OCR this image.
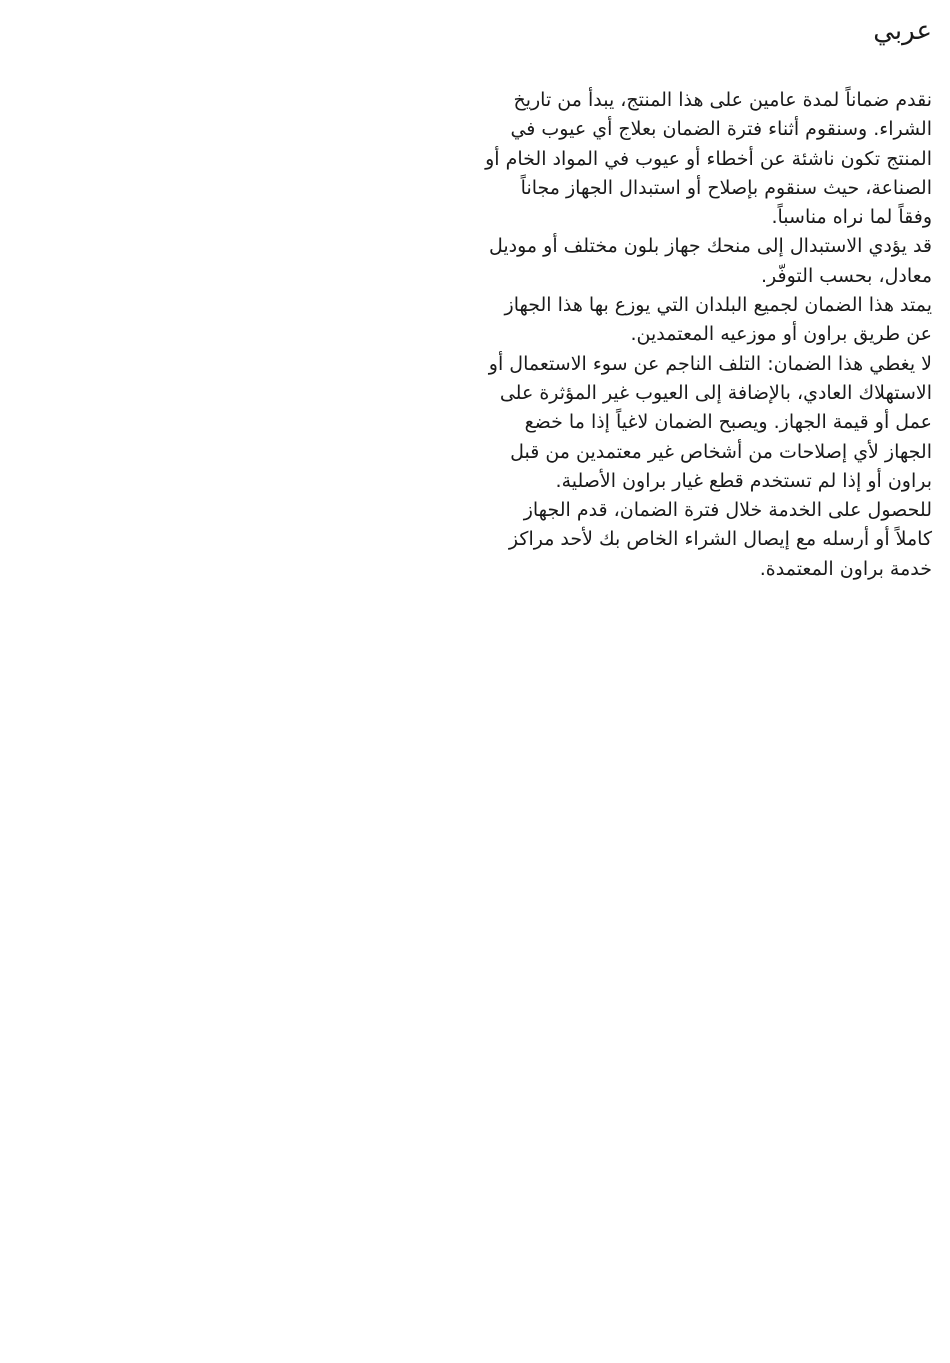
عربي

نقدم ضماناً لمدة عامين على هذا المنتج، يبدأ من تاريخ الشراء. وسنقوم أثناء فترة الضمان بعلاج أي عيوب في المنتج تكون ناشئة عن أخطاء أو عيوب في المواد الخام أو الصناعة، حيث سنقوم بإصلاح أو استبدال الجهاز مجاناً وفقاً لما نراه مناسباً.

قد يؤدي الاستبدال إلى منحك جهاز بلون مختلف أو موديل معادل، بحسب التوفّر.

يمتد هذا الضمان لجميع البلدان التي يوزع بها هذا الجهاز عن طريق براون أو موزعيه المعتمدين.

لا يغطي هذا الضمان: التلف الناجم عن سوء الاستعمال أو الاستهلاك العادي، بالإضافة إلى العيوب غير المؤثرة على عمل أو قيمة الجهاز. ويصبح الضمان لاغياً إذا ما خضع الجهاز لأي إصلاحات من أشخاص غير معتمدين من قبل براون أو إذا لم تستخدم قطع غيار براون الأصلية.

للحصول على الخدمة خلال فترة الضمان، قدم الجهاز كاملاً أو أرسله مع إيصال الشراء الخاص بك لأحد مراكز خدمة براون المعتمدة.
